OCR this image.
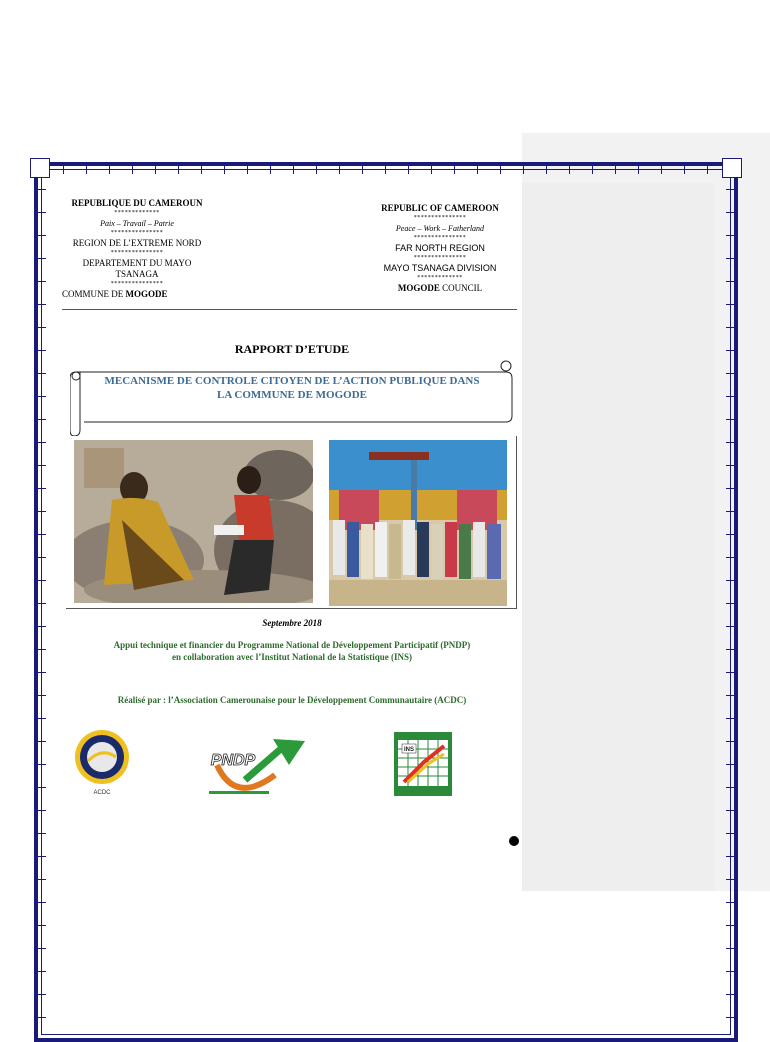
REPUBLIQUE DU CAMEROUN
*************
Paix – Travail – Patrie
***************
REGION DE L’EXTREME NORD
***************
DEPARTEMENT DU MAYO
TSANAGA
***************
COMMUNE DE MOGODE
REPUBLIC OF CAMEROON
***************
Peace – Work – Fatherland
***************
FAR NORTH REGION
***************
MAYO TSANAGA DIVISION
*************
MOGODE COUNCIL
RAPPORT D’ETUDE
MECANISME DE CONTROLE CITOYEN DE L’ACTION PUBLIQUE DANS
LA COMMUNE DE MOGODE
Septembre 2018
Appui technique et financier du Programme National de Développement Participatif (PNDP)
en collaboration avec l’Institut National de la Statistique (INS)
Réalisé par : l’Association Camerounaise pour le Développement Communautaire (ACDC)
ACDC
PNDP
INS
